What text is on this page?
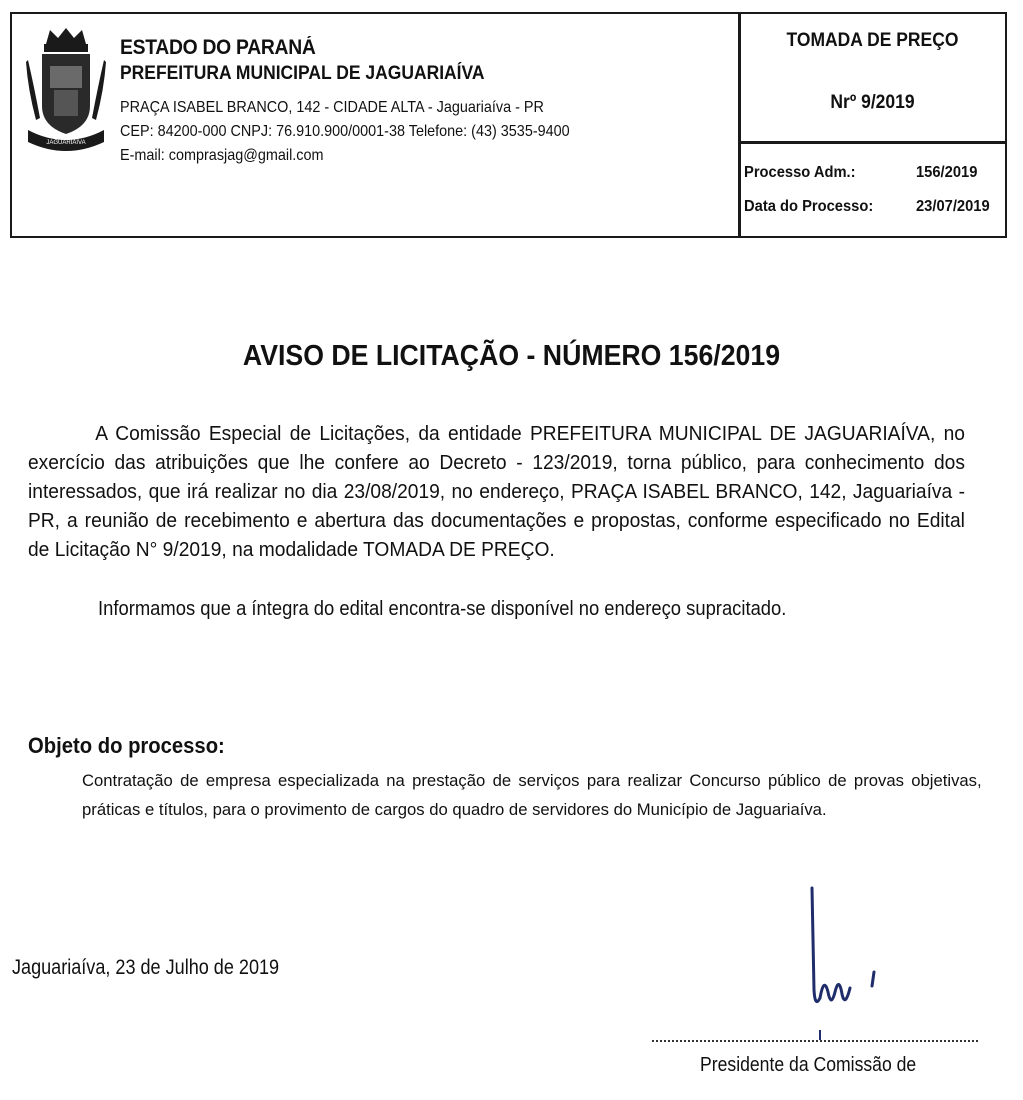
JAGUARIAÍVA
ESTADO DO PARANÁ
PREFEITURA MUNICIPAL DE JAGUARIAÍVA
PRAÇA ISABEL BRANCO, 142 - CIDADE ALTA - Jaguariaíva - PR
CEP: 84200-000 CNPJ: 76.910.900/0001-38 Telefone: (43) 3535-9400
E-mail: comprasjag@gmail.com
TOMADA DE PREÇO
Nrº 9/2019
Processo Adm.:	156/2019
Data do Processo:	23/07/2019
AVISO DE LICITAÇÃO - NÚMERO 156/2019
A Comissão Especial de Licitações, da entidade PREFEITURA MUNICIPAL DE JAGUARIAÍVA, no exercício das atribuições que lhe confere ao Decreto - 123/2019, torna público, para conhecimento dos interessados, que irá realizar no dia 23/08/2019, no endereço, PRAÇA ISABEL BRANCO, 142, Jaguariaíva - PR, a reunião de recebimento e abertura das documentações e propostas, conforme especificado no Edital de Licitação N° 9/2019, na modalidade TOMADA DE PREÇO.
Informamos que a íntegra do edital encontra-se disponível no endereço supracitado.
Objeto do processo:
Contratação de empresa especializada na prestação de serviços para realizar Concurso público de provas objetivas, práticas e títulos, para o provimento de cargos do quadro de servidores do Município de Jaguariaíva.
Jaguariaíva, 23 de Julho de 2019
Presidente da Comissão de
